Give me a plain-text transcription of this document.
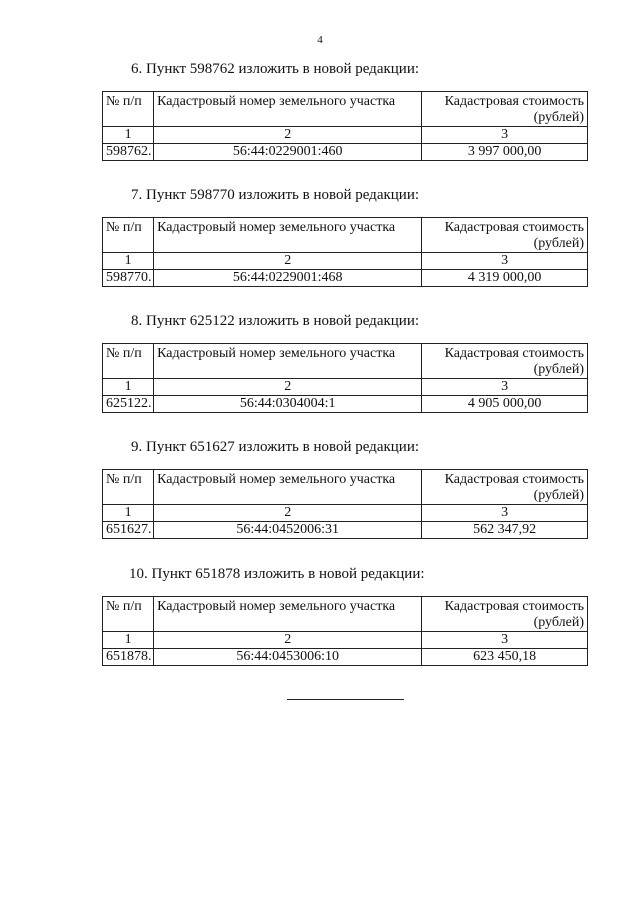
4
6. Пункт 598762 изложить в новой редакции:
№ п/п	Кадастровый номер земельного участка	Кадастровая стоимость
(рублей)

1	2	3
598762.	56:44:0229001:460	3 997 000,00
7. Пункт 598770 изложить в новой редакции:
№ п/п	Кадастровый номер земельного участка	Кадастровая стоимость
(рублей)

1	2	3
598770.	56:44:0229001:468	4 319 000,00
8. Пункт 625122 изложить в новой редакции:
№ п/п	Кадастровый номер земельного участка	Кадастровая стоимость
(рублей)

1	2	3
625122.	56:44:0304004:1	4 905 000,00
9. Пункт 651627 изложить в новой редакции:
№ п/п	Кадастровый номер земельного участка	Кадастровая стоимость
(рублей)

1	2	3
651627.	56:44:0452006:31	562 347,92
10. Пункт 651878 изложить в новой редакции:
№ п/п	Кадастровый номер земельного участка	Кадастровая стоимость
(рублей)

1	2	3
651878.	56:44:0453006:10	623 450,18
